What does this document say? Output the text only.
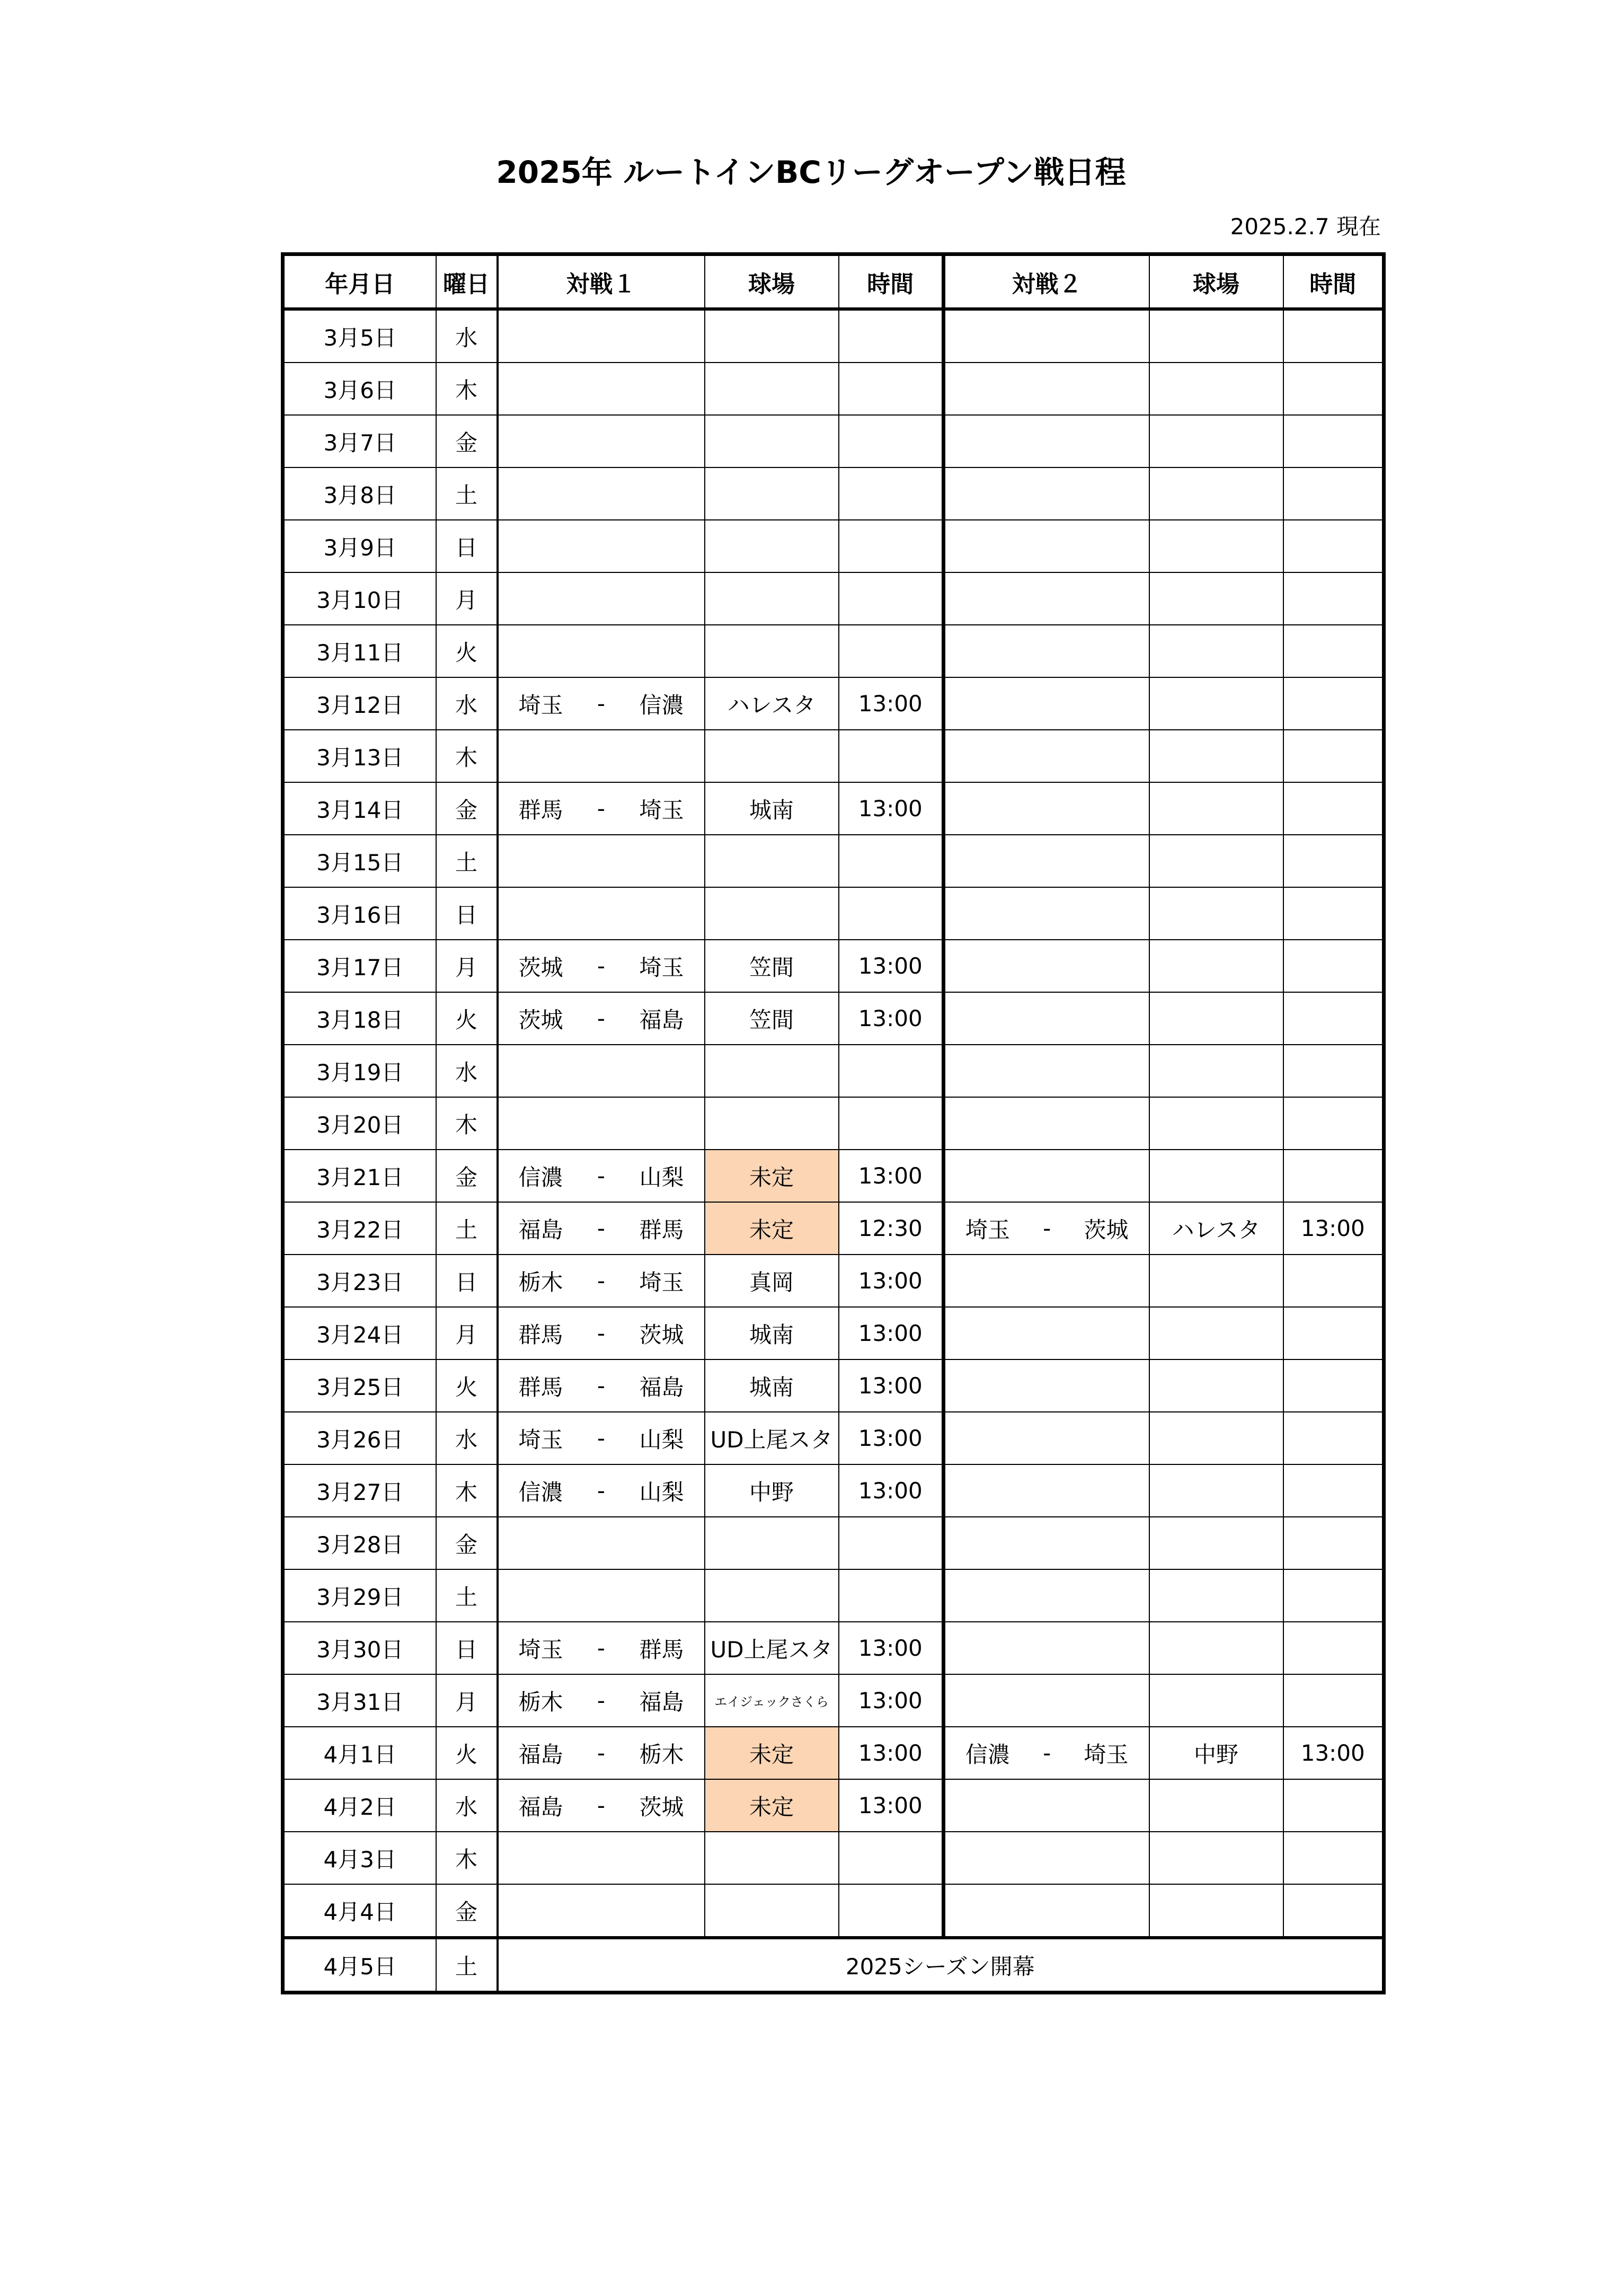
2025年 ルートインBCリーグオープン戦日程
2025.2.7 現在
年月日	曜日	対戦１	球場	時間	対戦２	球場	時間
3月5日	水						
3月6日	木						
3月7日	金						
3月8日	土						
3月9日	日						
3月10日	月						
3月11日	火						
3月12日	水	埼玉 - 信濃	ハレスタ	13:00			
3月13日	木						
3月14日	金	群馬 - 埼玉	城南	13:00			
3月15日	土						
3月16日	日						
3月17日	月	茨城 - 埼玉	笠間	13:00			
3月18日	火	茨城 - 福島	笠間	13:00			
3月19日	水						
3月20日	木						
3月21日	金	信濃 - 山梨	未定	13:00			
3月22日	土	福島 - 群馬	未定	12:30	埼玉 - 茨城	ハレスタ	13:00
3月23日	日	栃木 - 埼玉	真岡	13:00			
3月24日	月	群馬 - 茨城	城南	13:00			
3月25日	火	群馬 - 福島	城南	13:00			
3月26日	水	埼玉 - 山梨	UD上尾スタ	13:00			
3月27日	木	信濃 - 山梨	中野	13:00			
3月28日	金						
3月29日	土						
3月30日	日	埼玉 - 群馬	UD上尾スタ	13:00			
3月31日	月	栃木 - 福島	エイジェックさくら	13:00			
4月1日	火	福島 - 栃木	未定	13:00	信濃 - 埼玉	中野	13:00
4月2日	水	福島 - 茨城	未定	13:00			
4月3日	木						
4月4日	金						
4月5日	土	2025シーズン開幕					
